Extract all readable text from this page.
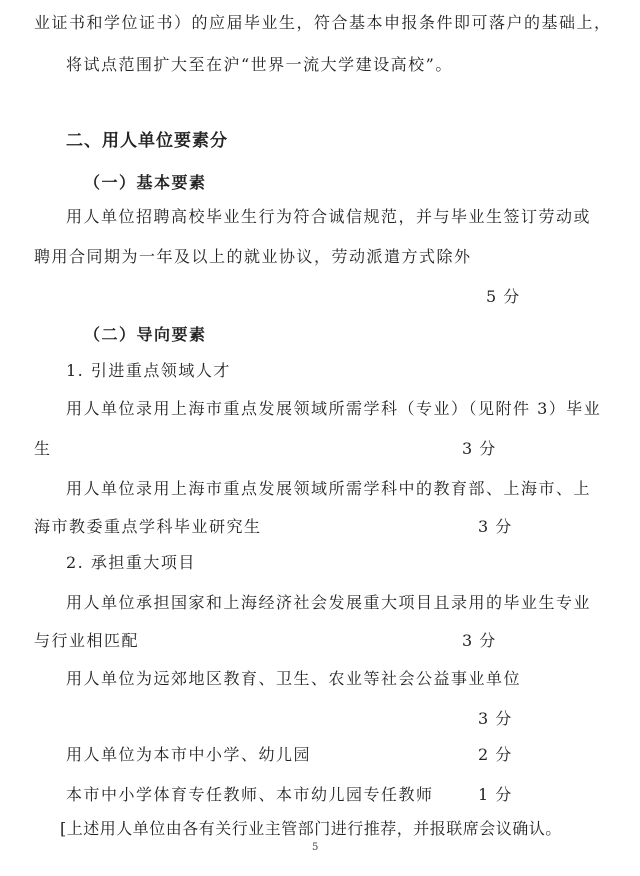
业证书和学位证书）的应届毕业生，符合基本申报条件即可落户的基础上，
将试点范围扩大至在沪“世界一流大学建设高校”。
二、用人单位要素分
（一）基本要素
用人单位招聘高校毕业生行为符合诚信规范，并与毕业生签订劳动或
聘用合同期为一年及以上的就业协议，劳动派遣方式除外
5 分
（二）导向要素
1. 引进重点领域人才
用人单位录用上海市重点发展领域所需学科（专业）（见附件 3）毕业
生	3 分
用人单位录用上海市重点发展领域所需学科中的教育部、上海市、上
海市教委重点学科毕业研究生	3 分
2. 承担重大项目
用人单位承担国家和上海经济社会发展重大项目且录用的毕业生专业
与行业相匹配	3 分
用人单位为远郊地区教育、卫生、农业等社会公益事业单位
3 分
用人单位为本市中小学、幼儿园	2 分
本市中小学体育专任教师、本市幼儿园专任教师	1 分
[上述用人单位由各有关行业主管部门进行推荐，并报联席会议确认。
5
